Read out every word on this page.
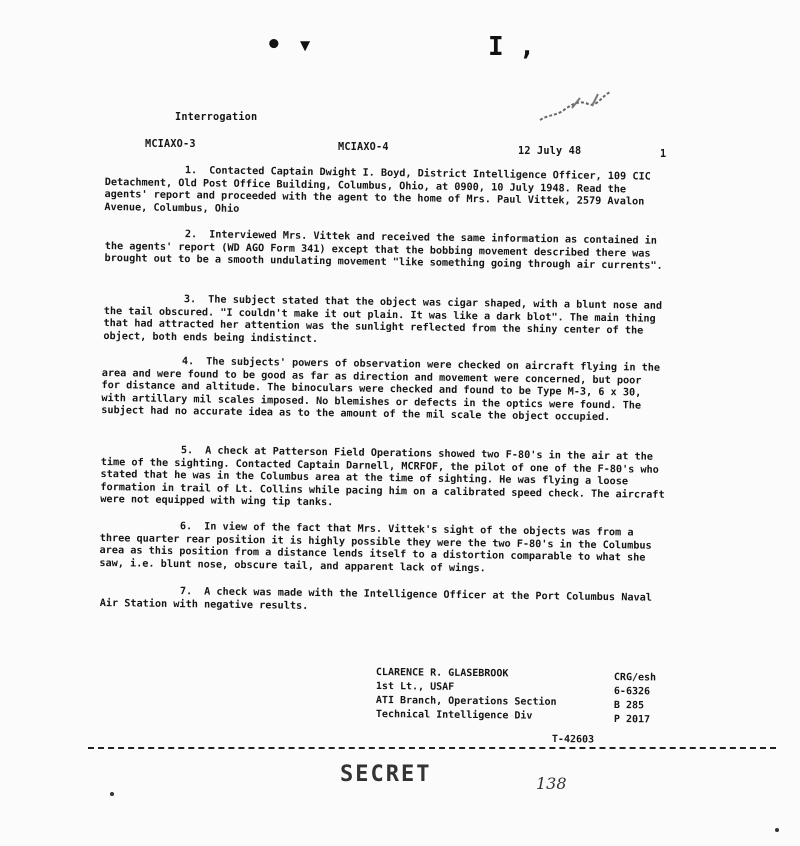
• ▾	I ,
Interrogation
MCIAXO-3	MCIAXO-4	12 July 48	1
1. Contacted Captain Dwight I. Boyd, District Intelligence Officer, 109 CIC Detachment, Old Post Office Building, Columbus, Ohio, at 0900, 10 July 1948. Read the agents' report and proceeded with the agent to the home of Mrs. Paul Vittek, 2579 Avalon Avenue, Columbus, Ohio
2. Interviewed Mrs. Vittek and received the same information as contained in the agents' report (WD AGO Form 341) except that the bobbing movement described there was brought out to be a smooth undulating movement "like something going through air currents".
3. The subject stated that the object was cigar shaped, with a blunt nose and the tail obscured. "I couldn't make it out plain. It was like a dark blot". The main thing that had attracted her attention was the sunlight reflected from the shiny center of the object, both ends being indistinct.
4. The subjects' powers of observation were checked on aircraft flying in the area and were found to be good as far as direction and movement were concerned, but poor for distance and altitude. The binoculars were checked and found to be Type M-3, 6 x 30, with artillary mil scales imposed. No blemishes or defects in the optics were found. The subject had no accurate idea as to the amount of the mil scale the object occupied.
5. A check at Patterson Field Operations showed two F-80's in the air at the time of the sighting. Contacted Captain Darnell, MCRFOF, the pilot of one of the F-80's who stated that he was in the Columbus area at the time of sighting. He was flying a loose formation in trail of Lt. Collins while pacing him on a calibrated speed check. The aircraft were not equipped with wing tip tanks.
6. In view of the fact that Mrs. Vittek's sight of the objects was from a three quarter rear position it is highly possible they were the two F-80's in the Columbus area as this position from a distance lends itself to a distortion comparable to what she saw, i.e. blunt nose, obscure tail, and apparent lack of wings.
7. A check was made with the Intelligence Officer at the Port Columbus Naval Air Station with negative results.
CLARENCE R. GLASEBROOK
1st Lt., USAF
ATI Branch, Operations Section
Technical Intelligence Div
CRG/esh
6-6326
B 285
P 2017
T-42603
SECRET	138
